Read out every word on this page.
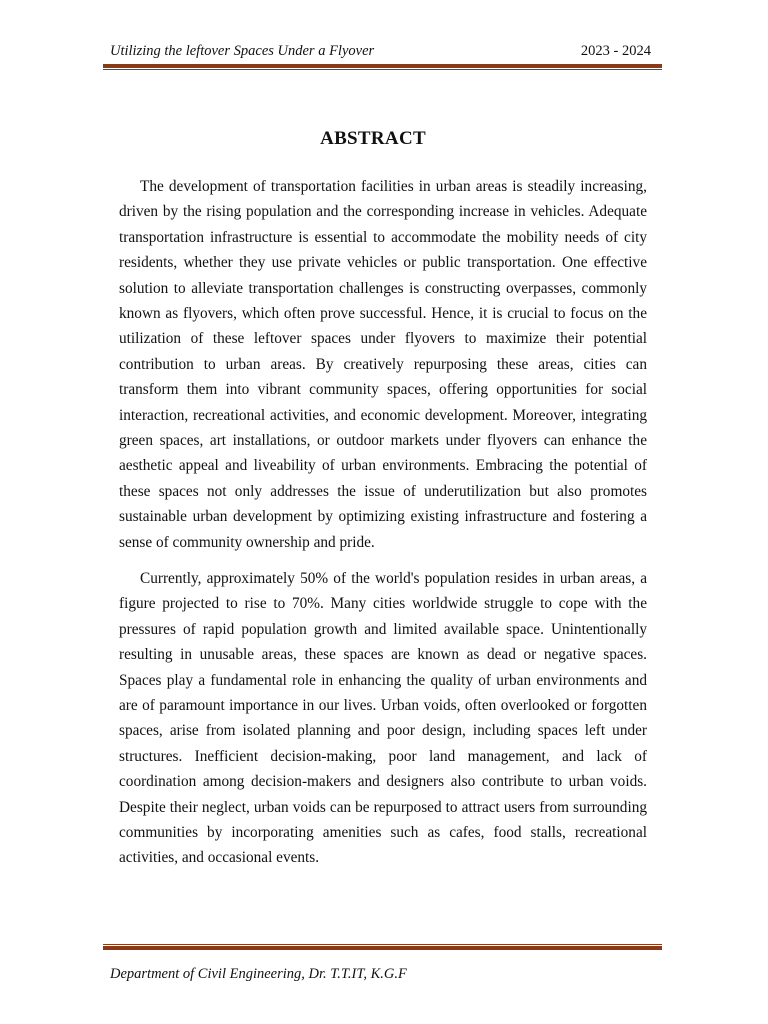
Utilizing the leftover Spaces Under a Flyover	2023 - 2024
ABSTRACT

The development of transportation facilities in urban areas is steadily increasing, driven by the rising population and the corresponding increase in vehicles. Adequate transportation infrastructure is essential to accommodate the mobility needs of city residents, whether they use private vehicles or public transportation. One effective solution to alleviate transportation challenges is constructing overpasses, commonly known as flyovers, which often prove successful. Hence, it is crucial to focus on the utilization of these leftover spaces under flyovers to maximize their potential contribution to urban areas. By creatively repurposing these areas, cities can transform them into vibrant community spaces, offering opportunities for social interaction, recreational activities, and economic development. Moreover, integrating green spaces, art installations, or outdoor markets under flyovers can enhance the aesthetic appeal and liveability of urban environments. Embracing the potential of these spaces not only addresses the issue of underutilization but also promotes sustainable urban development by optimizing existing infrastructure and fostering a sense of community ownership and pride.

Currently, approximately 50% of the world's population resides in urban areas, a figure projected to rise to 70%. Many cities worldwide struggle to cope with the pressures of rapid population growth and limited available space. Unintentionally resulting in unusable areas, these spaces are known as dead or negative spaces. Spaces play a fundamental role in enhancing the quality of urban environments and are of paramount importance in our lives. Urban voids, often overlooked or forgotten spaces, arise from isolated planning and poor design, including spaces left under structures. Inefficient decision-making, poor land management, and lack of coordination among decision-makers and designers also contribute to urban voids. Despite their neglect, urban voids can be repurposed to attract users from surrounding communities by incorporating amenities such as cafes, food stalls, recreational activities, and occasional events.

Department of Civil Engineering, Dr. T.T.IT, K.G.F
